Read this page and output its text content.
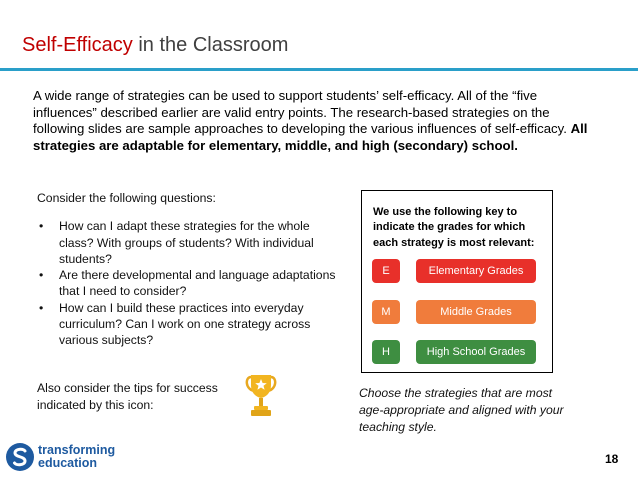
Self-Efficacy in the Classroom
A wide range of strategies can be used to support students’ self-efficacy. All of the “five influences” described earlier are valid entry points. The research-based strategies on the following slides are sample approaches to developing the various influences of self-efficacy. All strategies are adaptable for elementary, middle, and high (secondary) school.
Consider the following questions:
• How can I adapt these strategies for the whole class? With groups of students? With individual students?
• Are there developmental and language adaptations that I need to consider?
• How can I build these practices into everyday curriculum? Can I work on one strategy across various subjects?
Also consider the tips for success indicated by this icon:
We use the following key to indicate the grades for which each strategy is most relevant:
E	Elementary Grades
M	Middle Grades
H	High School Grades
Choose the strategies that are most age-appropriate and aligned with your teaching style.
transforming
education	18
